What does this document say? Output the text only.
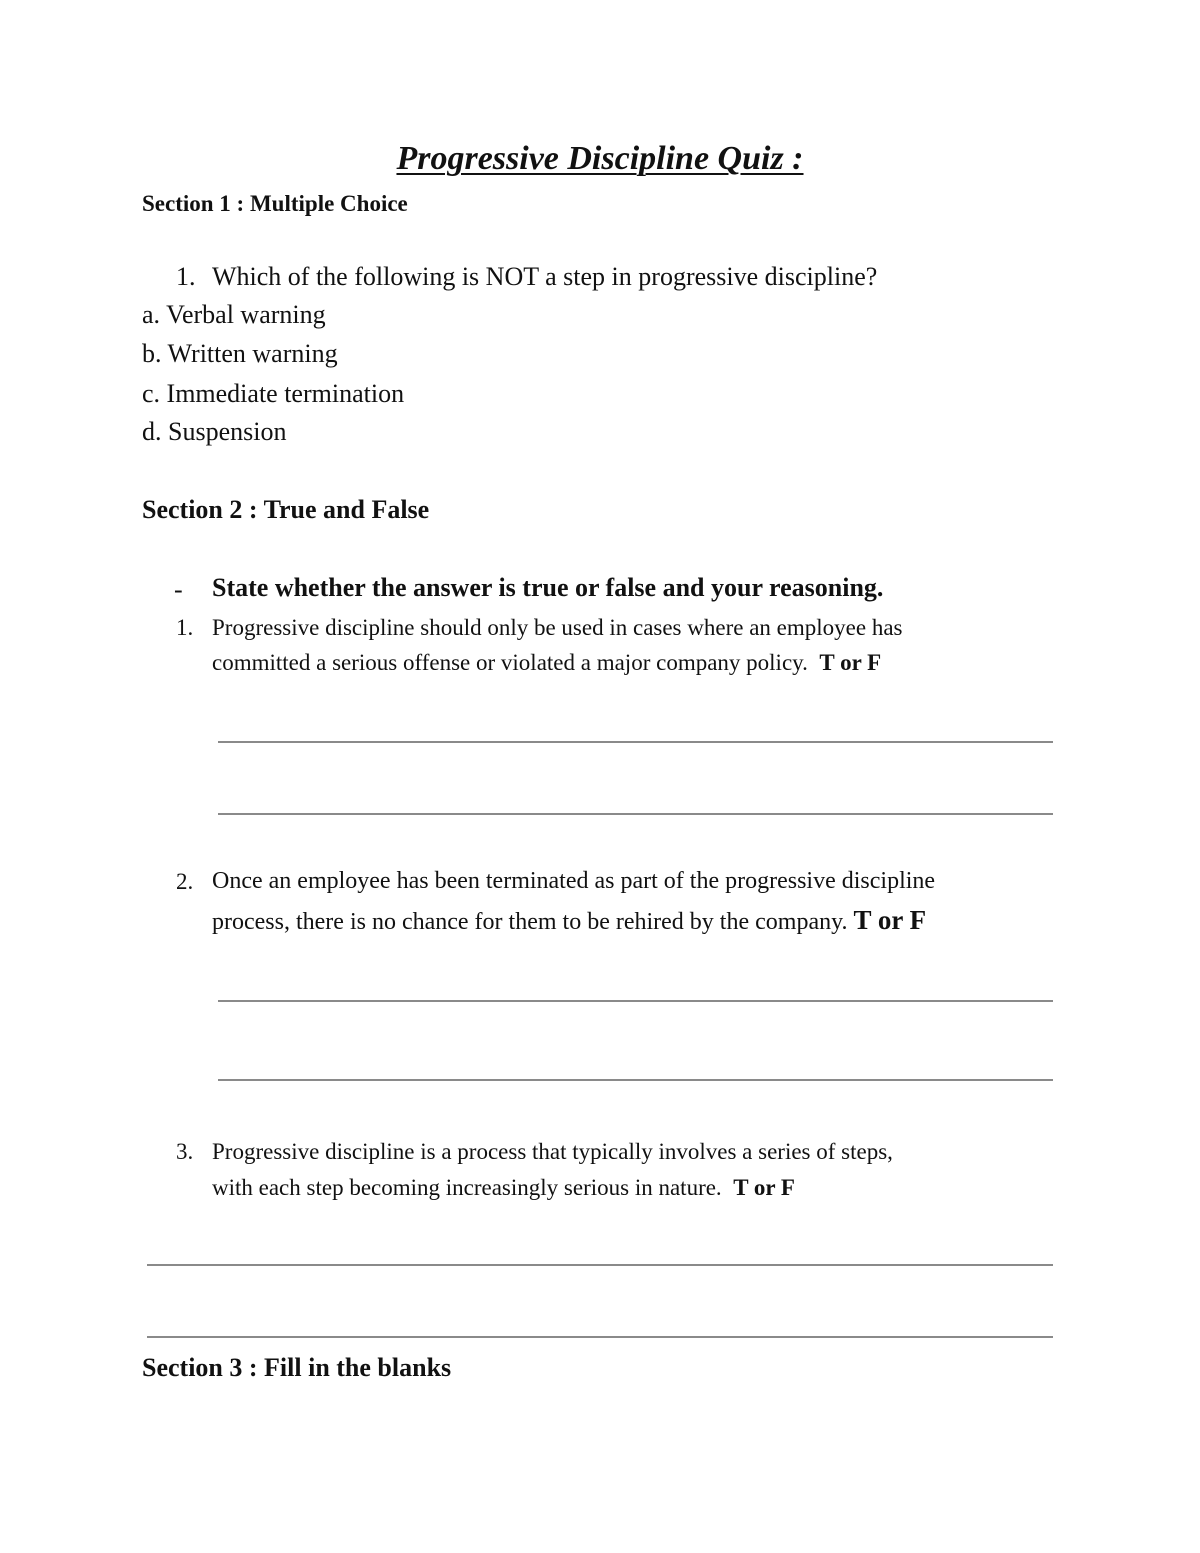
Progressive Discipline Quiz :
Section 1 : Multiple Choice
1. Which of the following is NOT a step in progressive discipline?
a. Verbal warning
b. Written warning
c. Immediate termination
d. Suspension
Section 2 : True and False
- State whether the answer is true or false and your reasoning.
1. Progressive discipline should only be used in cases where an employee has
committed a serious offense or violated a major company policy. T or F
2. Once an employee has been terminated as part of the progressive discipline
process, there is no chance for them to be rehired by the company. T or F
3. Progressive discipline is a process that typically involves a series of steps,
with each step becoming increasingly serious in nature. T or F
Section 3 : Fill in the blanks
